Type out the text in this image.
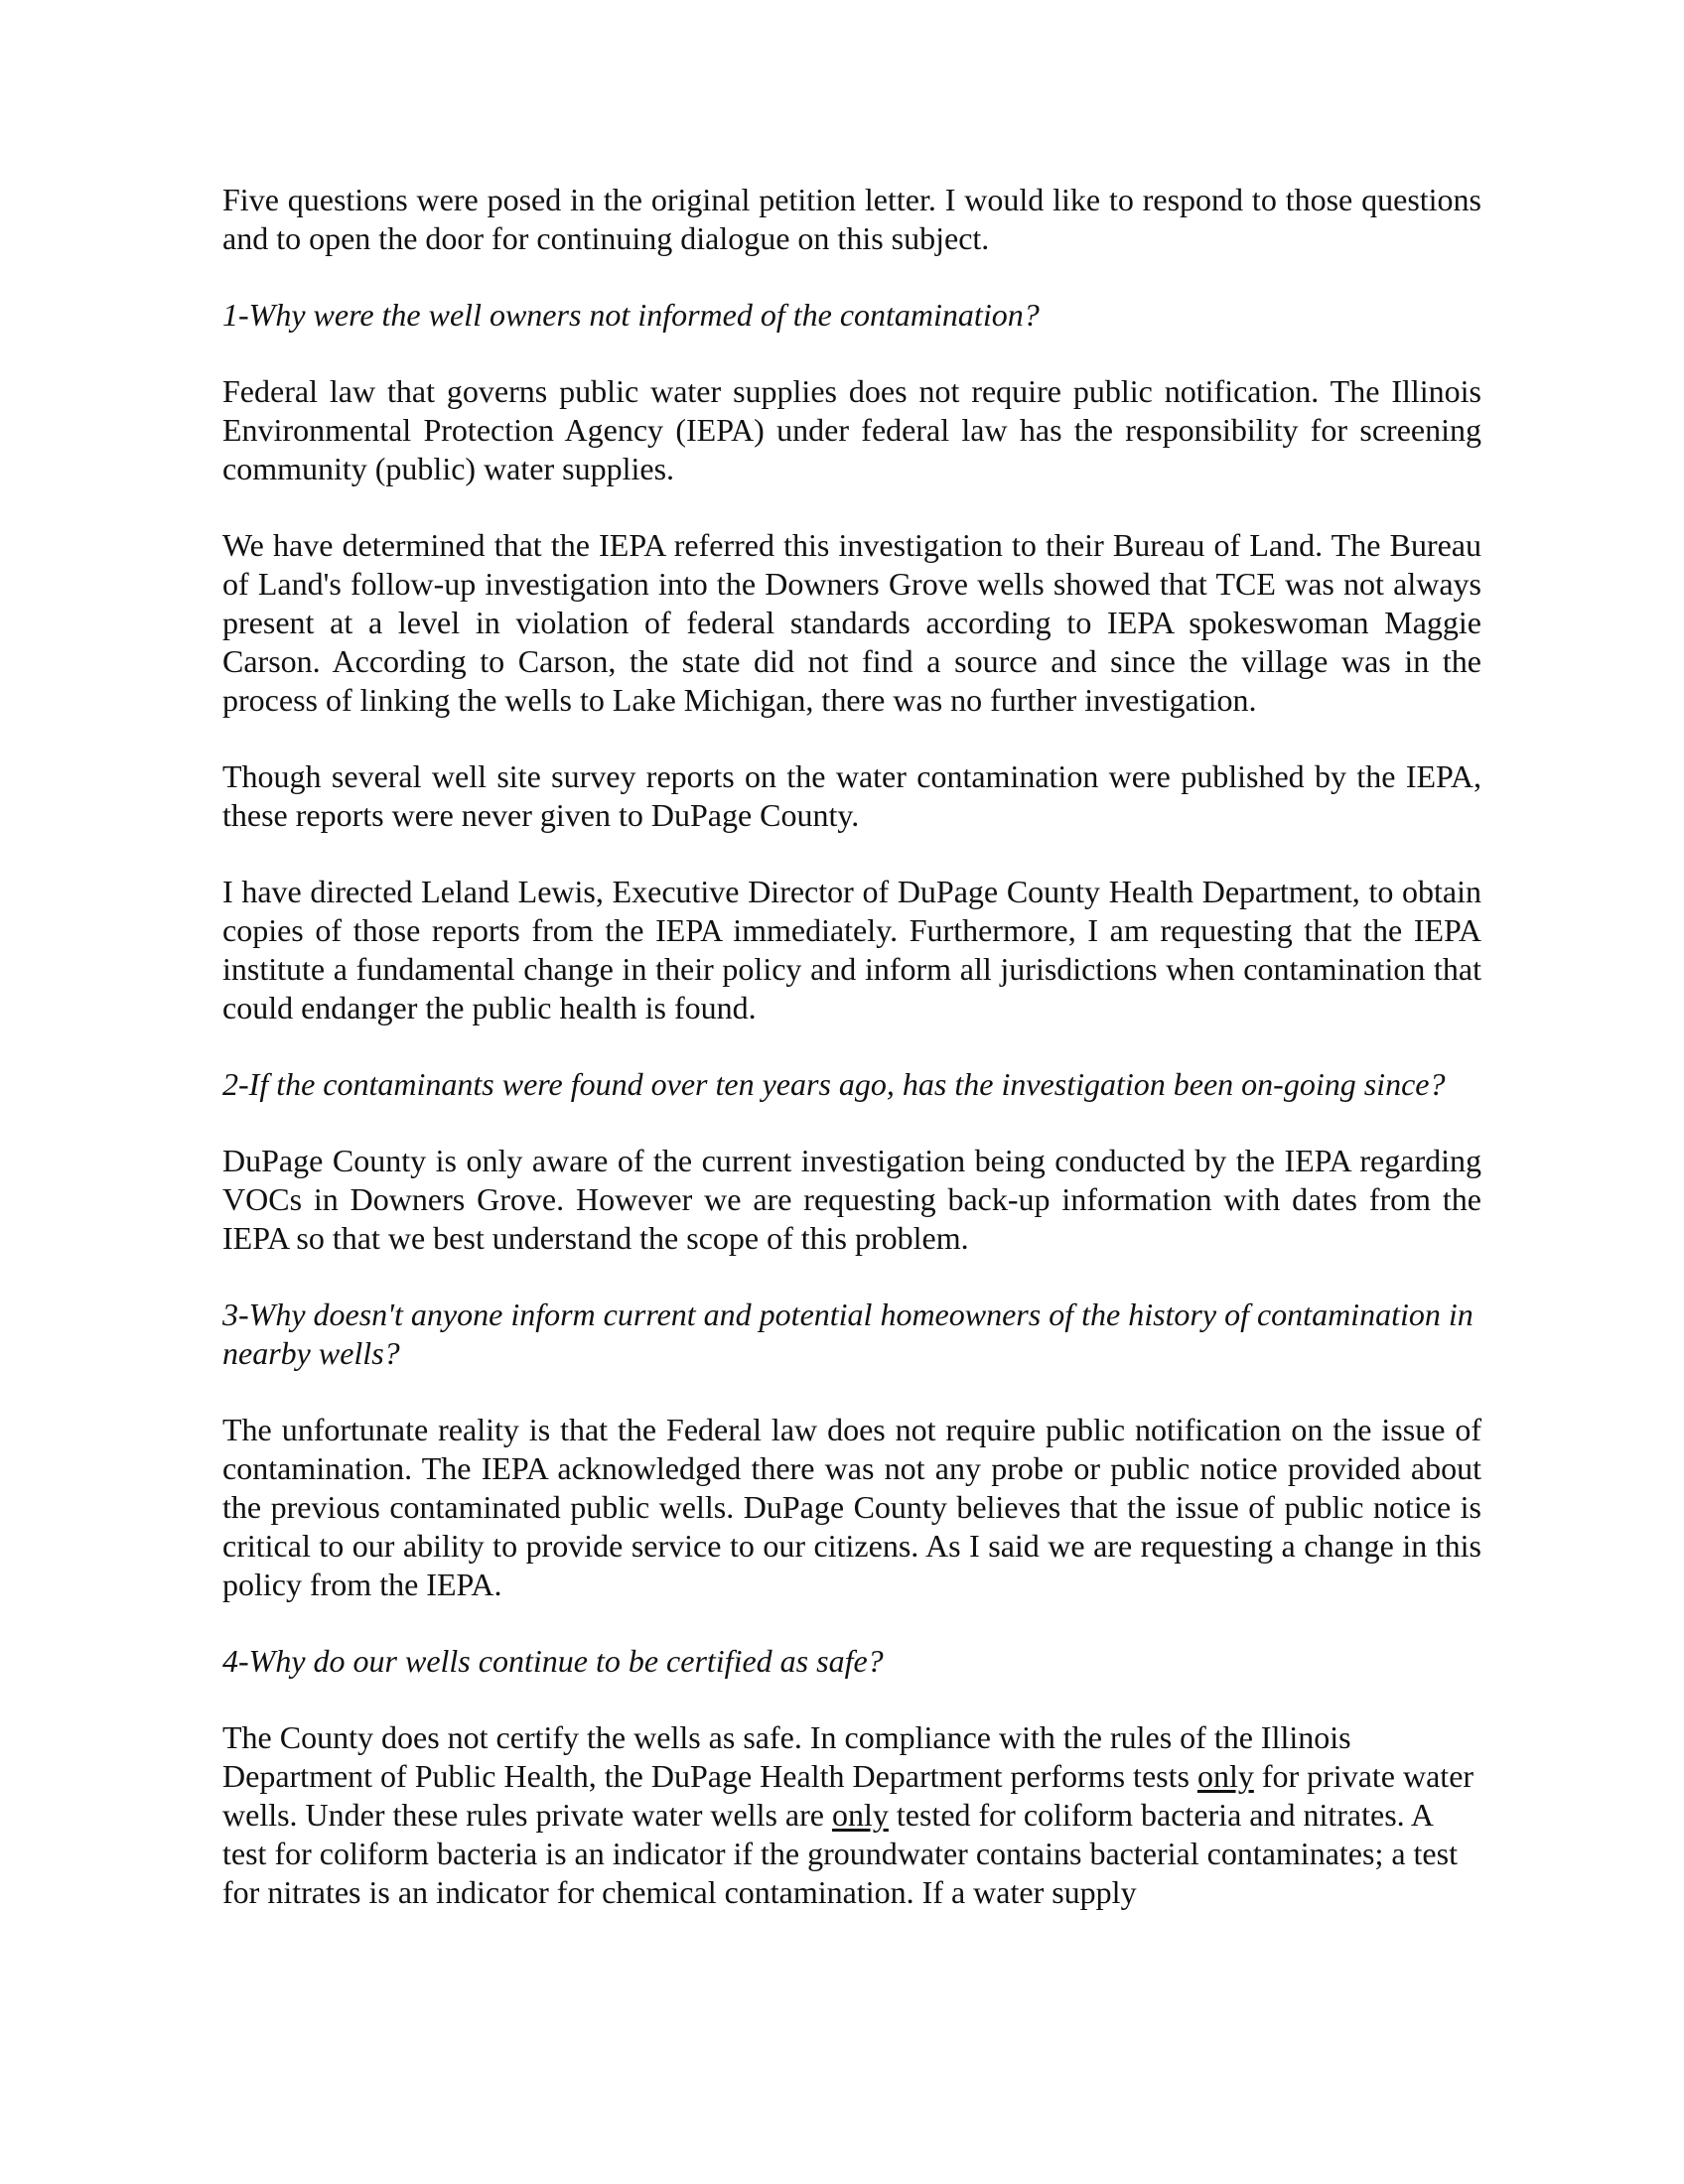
Five questions were posed in the original petition letter. I would like to respond to those questions and to open the door for continuing dialogue on this subject.

1-Why were the well owners not informed of the contamination?

Federal law that governs public water supplies does not require public notification. The Illinois Environmental Protection Agency (IEPA) under federal law has the responsibility for screening community (public) water supplies.

We have determined that the IEPA referred this investigation to their Bureau of Land. The Bureau of Land's follow-up investigation into the Downers Grove wells showed that TCE was not always present at a level in violation of federal standards according to IEPA spokeswoman Maggie Carson. According to Carson, the state did not find a source and since the village was in the process of linking the wells to Lake Michigan, there was no further investigation.

Though several well site survey reports on the water contamination were published by the IEPA, these reports were never given to DuPage County.

I have directed Leland Lewis, Executive Director of DuPage County Health Department, to obtain copies of those reports from the IEPA immediately. Furthermore, I am requesting that the IEPA institute a fundamental change in their policy and inform all jurisdictions when contamination that could endanger the public health is found.

2-If the contaminants were found over ten years ago, has the investigation been on-going since?

DuPage County is only aware of the current investigation being conducted by the IEPA regarding VOCs in Downers Grove. However we are requesting back-up information with dates from the IEPA so that we best understand the scope of this problem.

3-Why doesn't anyone inform current and potential homeowners of the history of contamination in nearby wells?

The unfortunate reality is that the Federal law does not require public notification on the issue of contamination. The IEPA acknowledged there was not any probe or public notice provided about the previous contaminated public wells. DuPage County believes that the issue of public notice is critical to our ability to provide service to our citizens. As I said we are requesting a change in this policy from the IEPA.

4-Why do our wells continue to be certified as safe?

The County does not certify the wells as safe. In compliance with the rules of the Illinois Department of Public Health, the DuPage Health Department performs tests only for private water wells. Under these rules private water wells are only tested for coliform bacteria and nitrates. A test for coliform bacteria is an indicator if the groundwater contains bacterial contaminates; a test for nitrates is an indicator for chemical contamination. If a water supply
